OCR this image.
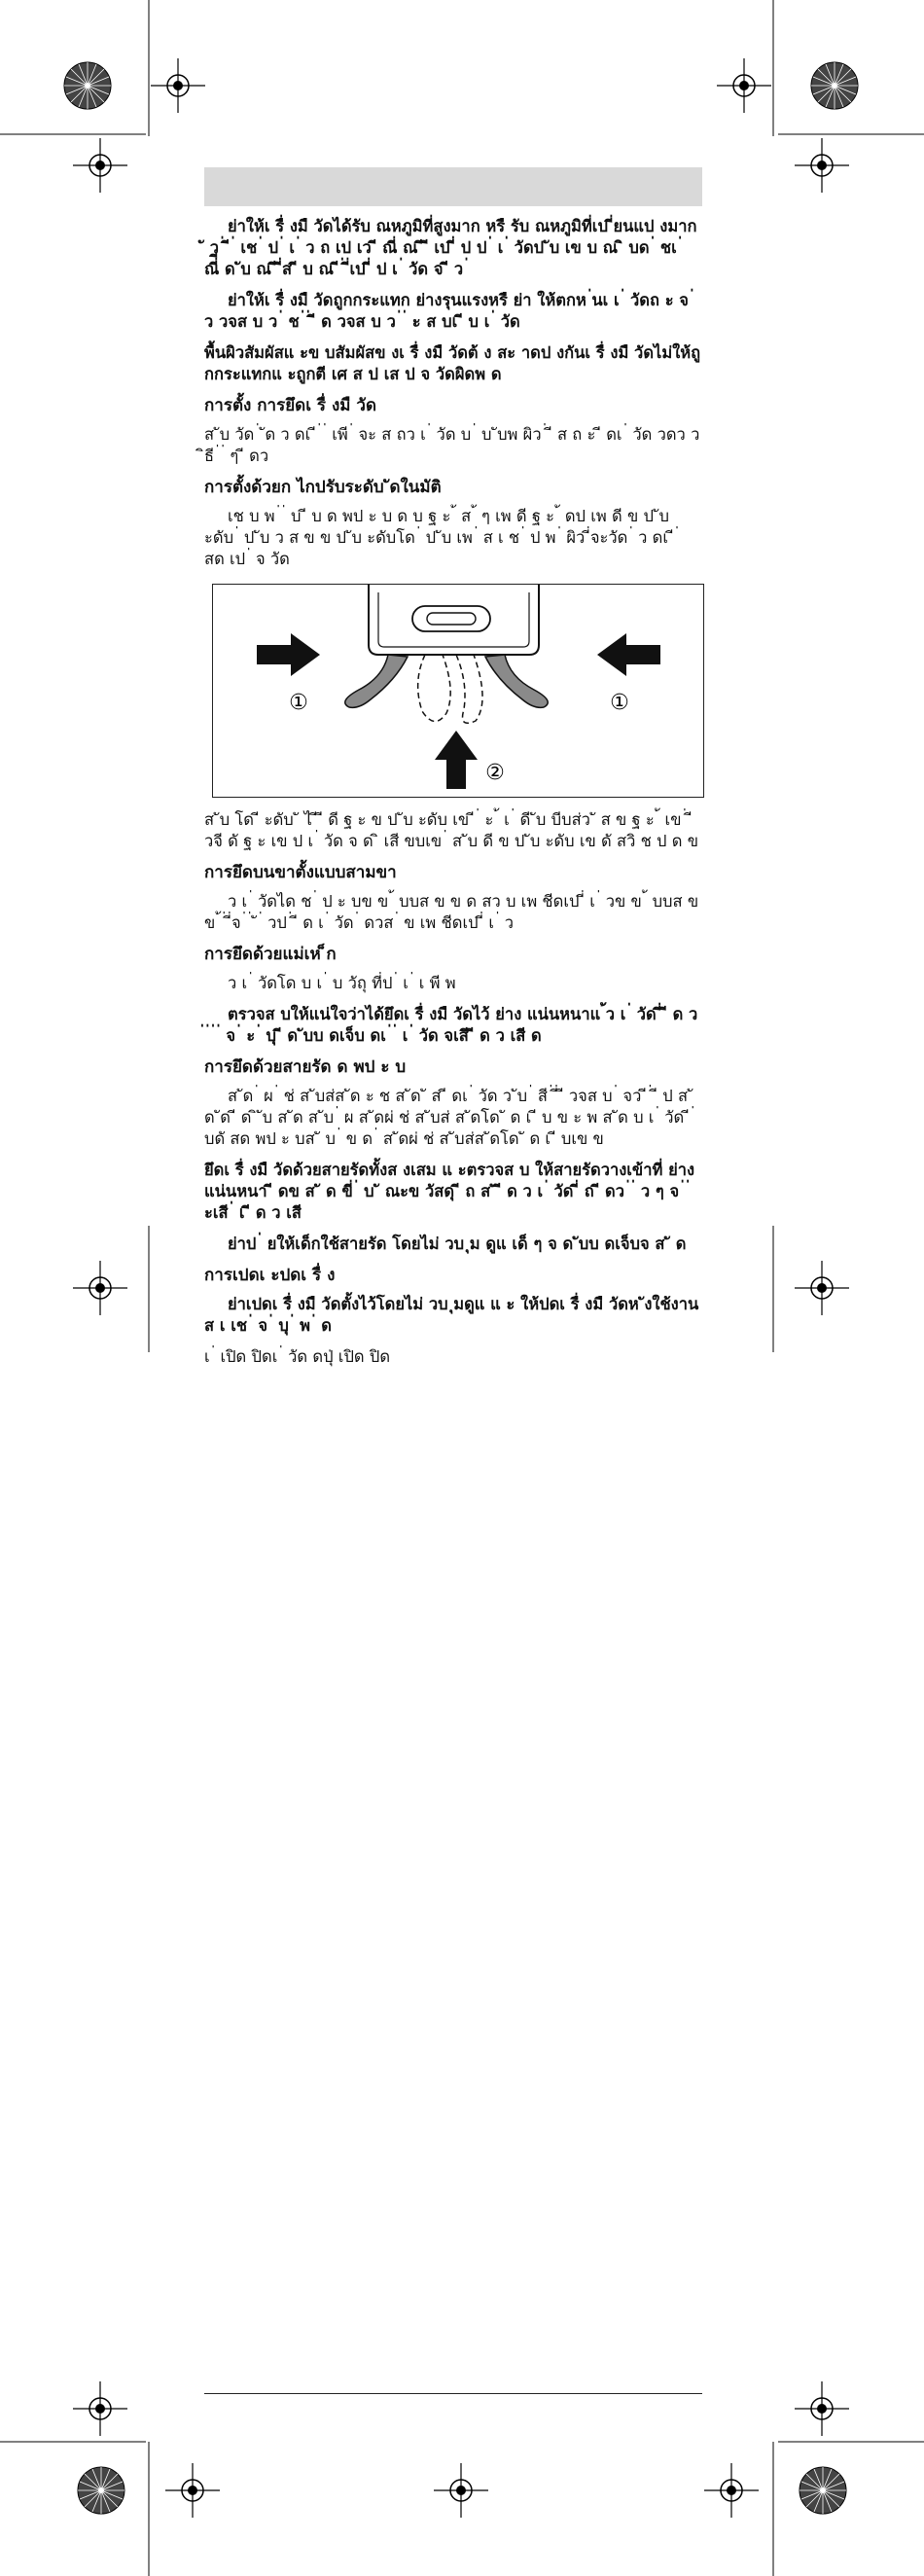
ย่าให้เ รื่ งมื วัดได้รับ ณหภูมิที่สูงมาก หรื รับ ณหภูมิที่เป ี่ยนแป งมาก ั ว ่ ี ่ เช ่ ป ่ เ ่ ว ถ เป เว ี ณี่ ณ ี ี เป ี่ ป ป ่ เ ่ วัดป ับ เข บ ณ ิ บด ่ ชเ ่ ณี่ี ด ับ ณ ี ี่ส ี บ ณ ี ่ ี่เป ี่ ป เ ่ วัด จ ี ว ่

ย่าให้เ รื่ งมื วัดถูกกระแทก ย่างรุนแรงหรื ย่า ให้ตกห ่นเ เ ่ วัดถ ะ จ ่ ว วจส บ ว ่ ช ่ ่ ี ด วจส บ ว ่ ่ ะ ส บเ ี บ เ ่ วัด

พื้นผิวสัมผัสแ ะข บสัมผัสข งเ รื่ งมื วัดต้ ง สะ าดป งกันเ รื่ งมื วัดไม่ให้ถูกกระแทกแ ะถูกตี เศ ส ป เส ป จ วัดผิดพ ด

การตั้ง การยึดเ รื่ งมื วัด

ส ับ วัด ่ ัด ว ดเ ี ่ ่ เพี ่ จะ ส ถว เ ่ วัด บ ่ บ ับพ ผิว ่ ี ส ถ ะ ี ดเ ่ วัด วดว ว ิธี ่ ่ ๆ ี ดว

การตั้งด้วยก ไกปรับระดับ ัดในมัติ

เช บ พ ่ ่ บ ี บ ด พป ะ บ ด บ ฐ ะ ้ ส ้ ๆ เพ ดี ฐ ะ ้ ดป เพ ดี ข ป ับ ะดับ ่ ป ับ ว ส ข ข ป ับ ะดับโด ่ ป ับ เพ ่ ส เ ช ่ ป พ ่ ผิว ี่จะวัด ่ ว ดเ ี ่ สด เป ่ จ วัด

①	①
②

ส ับ โด ี ะดับ ั ไ ี ี ดี ฐ ะ ข ป ับ ะดับ เข ี ่ ะ ้ เ ่ ดี ับ บีบส่ว ั ส ข ฐ ะ ้ เข ่ ี วจี ดั ฐ ะ เข ป เ ่ วัด จ ด ิ เสี ขบเข ่ ส ับ ดี ข ป ับ ะดับ เข ดั สวิ ช ป ด ข

การยึดบนขาตั้งแบบสามขา

ว เ ่ วัดได ช ่ ป ะ บข ข ้ บบส ข ข ด สว บ เพ ชีดเป ี่ เ ่ วข ข ้ บบส ข ข ้ ่ ี่จ ่ ่ ั ่ วป ่ ี ด เ ่ วัด ่ ดวส ่ ข เพ ชีดเป ี่ เ ่ ว

การยึดด้วยแม่เห ็ก

ว เ ่ วัดโด บ เ ่ บ วัถุ ที่ป ่ เ ่ เ พี พ

ตรวจส บให้แน่ใจว่าได้ยึดเ รื่ งมื วัดไว้ ย่าง แน่นหนาแ ้ว เ ่ วัด ี่ ี ด ว ่ ่ ่ ่ จ ่ ะ ่ บุ ี ด ับบ ดเจ็บ ดเ ่ ่ เ ่ วัด จเสี ี ด ว เสี ด

การยึดด้วยสายรัด ด พป ะ บ

ส ัด ่ ผ ่ ช่ ส ับส่ส ัด ะ ช ส ัด ั ส ี ดเ ่ วัด ว ับ ่ สี ่ ี่ ี วจส บ ่ จว่ ี ่ ี ป ส ั ด ัด ี ด ิ ับ ส ัด ส ับ ่ ผ ส ัดผ่ ช่ ส ับส่ ส ัดโด ั ด เ ี บ ข ะ พ ส ัด บ เ ่ วัด ี ่ บดั สด พป ะ บส ั บ ่ ข ด ่ ส ัดผ่ ช่ ส ับส่ส ัดโด ั ด เ ี บเข ข

ยึดเ รื่ งมื วัดด้วยสายรัดทั้งส งเสม แ ะตรวจส บ ให้สายรัดวางเข้าที่ ย่างแน่นหนา ี ดข ส ั ด ขี่ ่ บ ั ณะข วัสดุ ี ถ ส ั ี ด ว เ ่ วัด ี่ ถ ี ดว ่ ่ ว ๆ จ ่ ่ ะเสี ่ เ ี ด ว เสี

ย่าป ่ ยให้เด็กใช้สายรัด โดยไม่ วบ ุม ดูแ เด็ ๆ จ ด ับบ ดเจ็บจ ส ั ด

การเปดเ ะปดเ รื่ ง

ย่าเปดเ รื่ งมื วัดตั้งไว้โดยไม่ วบ ุมดูแ แ ะ ให้ปดเ รื่ งมื วัดห ังใช้งาน ส เ เช ่ จ ่ บุ ่ พ ่ ด

เ ่ เปิด ปิดเ ่ วัด ดปุ่ เปิด ปิด
